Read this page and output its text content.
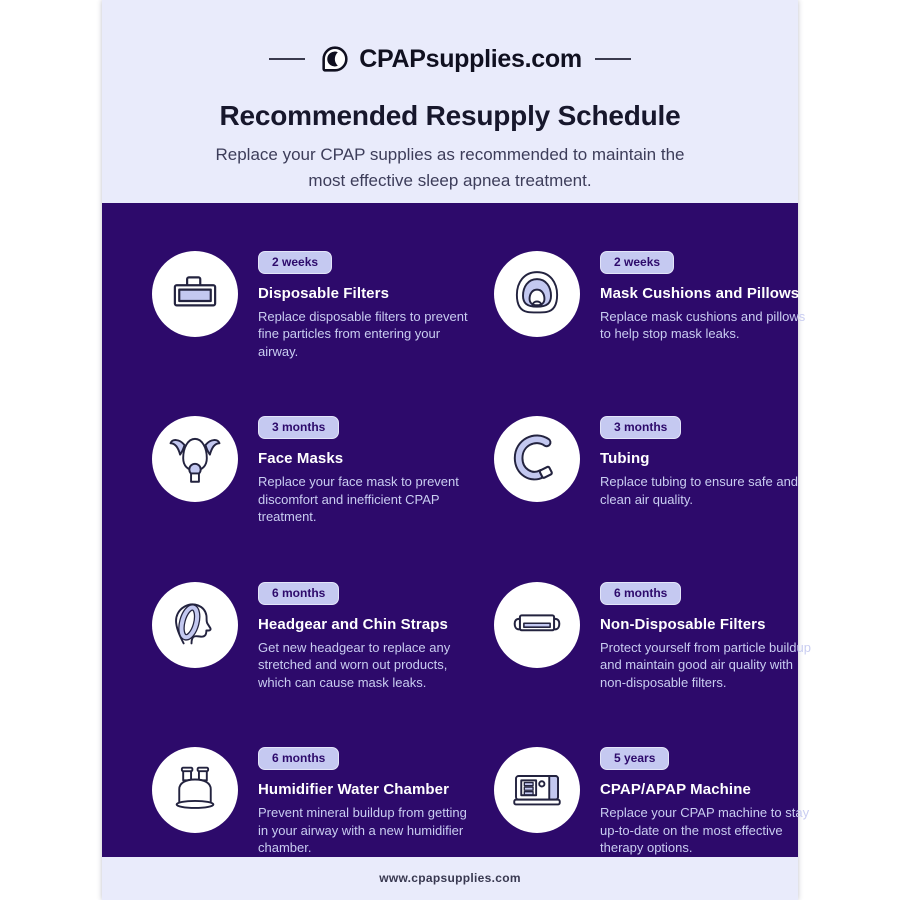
CPAPsupplies.com
Recommended Resupply Schedule
Replace your CPAP supplies as recommended to maintain the most effective sleep apnea treatment.
2 weeks
Disposable Filters
Replace disposable filters to prevent fine particles from entering your airway.
2 weeks
Mask Cushions and Pillows
Replace mask cushions and pillows to help stop mask leaks.
3 months
Face Masks
Replace your face mask to prevent discomfort and inefficient CPAP treatment.
3 months
Tubing
Replace tubing to ensure safe and clean air quality.
6 months
Headgear and Chin Straps
Get new headgear to replace any stretched and worn out products, which can cause mask leaks.
6 months
Non-Disposable Filters
Protect yourself from particle buildup and maintain good air quality with non-disposable filters.
6 months
Humidifier Water Chamber
Prevent mineral buildup from getting in your airway with a new humidifier chamber.
5 years
CPAP/APAP Machine
Replace your CPAP machine to stay up-to-date on the most effective therapy options.
www.cpapsupplies.com
